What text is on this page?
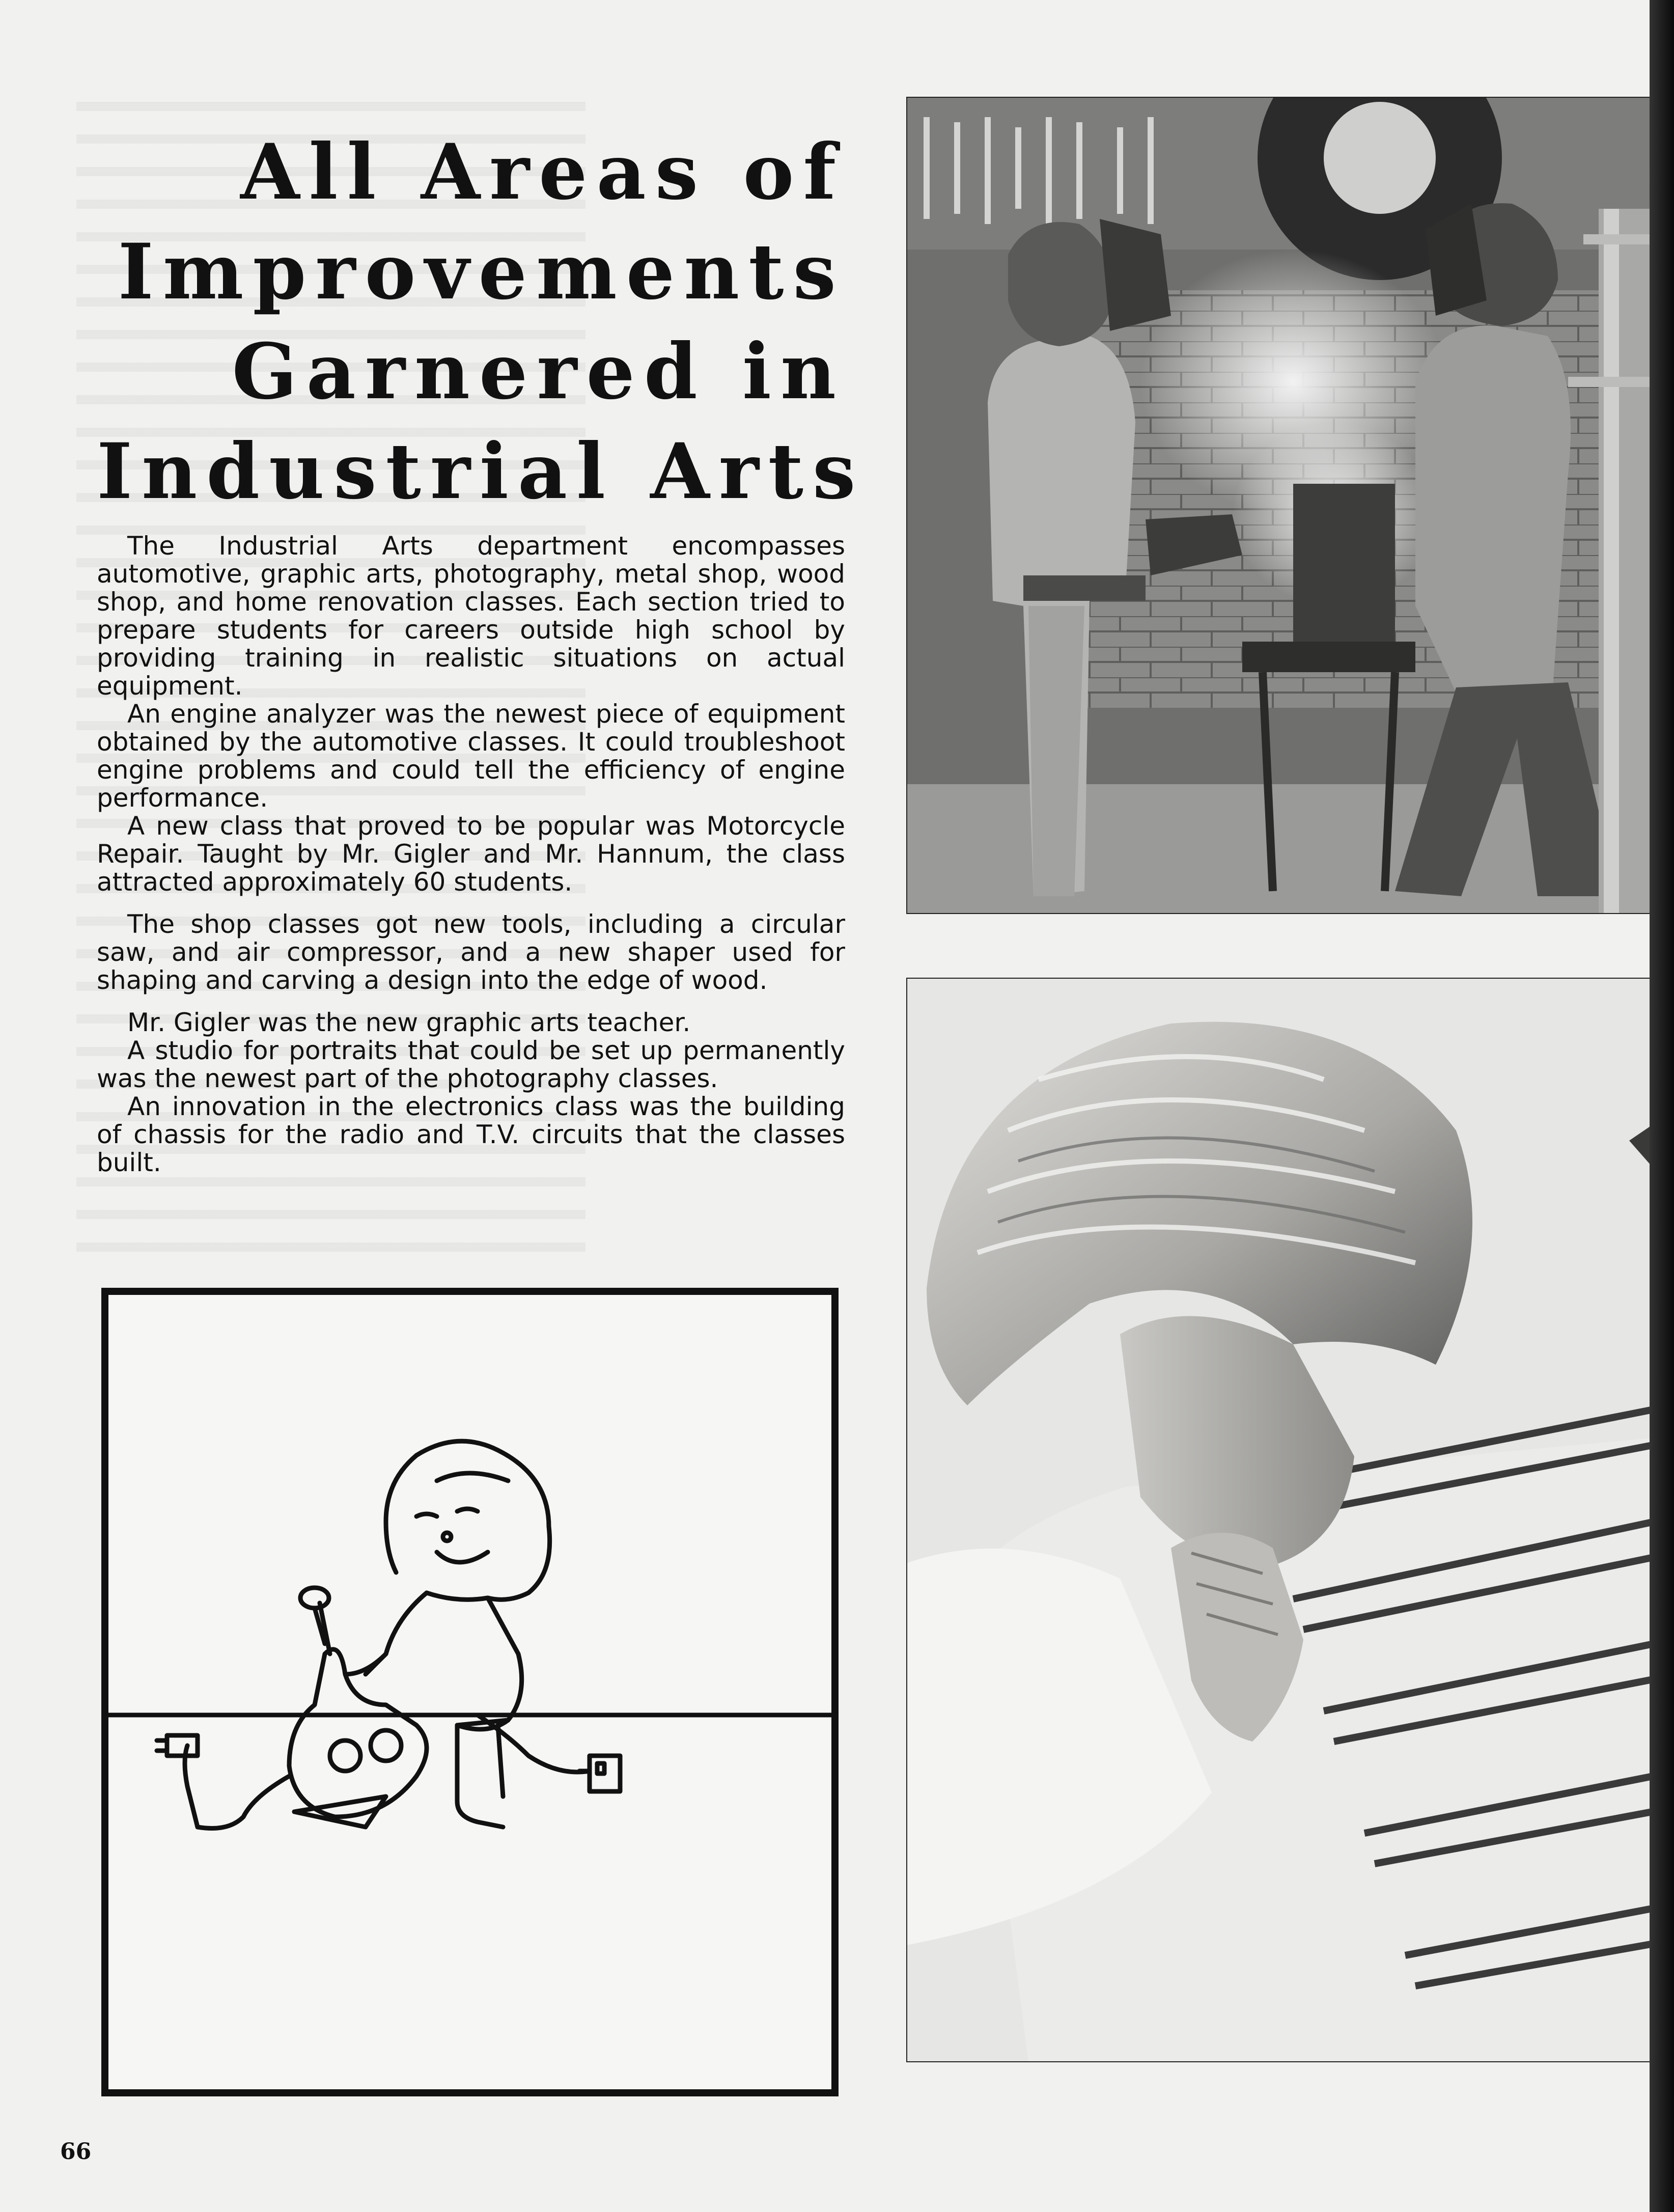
All Areas of
Improvements
Garnered in
Industrial Arts

The Industrial Arts department encompasses automotive, graphic arts, photography, metal shop, wood shop, and home renovation classes. Each section tried to prepare students for careers outside high school by providing training in realistic situations on actual equipment.

An engine analyzer was the newest piece of equipment obtained by the automotive classes. It could troubleshoot engine problems and could tell the efficiency of engine performance.

A new class that proved to be popular was Motorcycle Repair. Taught by Mr. Gigler and Mr. Hannum, the class attracted approximately 60 students.

The shop classes got new tools, including a circular saw, and air compressor, and a new shaper used for shaping and carving a design into the edge of wood.

Mr. Gigler was the new graphic arts teacher.

A studio for portraits that could be set up permanently was the newest part of the photography classes.

An innovation in the electronics class was the building of chassis for the radio and T.V. circuits that the classes built.

66
